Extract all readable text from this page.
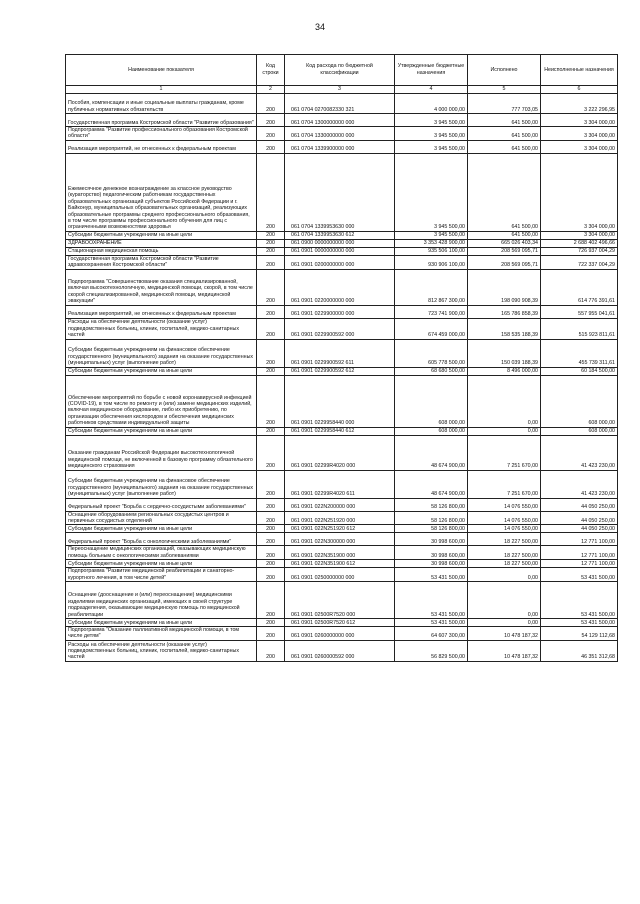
34
Наименование показателя	Код строки	Код расхода по бюджетной классификации	Утвержденные бюджетные назначения	Исполнено	Неисполненные назначения
1	2	3	4	5	6
Пособия, компенсации и иные социальные выплаты гражданам, кроме публичных нормативных обязательств	200	061 0704 0270082330 321	4 000 000,00	777 703,05	3 222 296,95
Государственная программа Костромской области "Развитие образования"	200	061 0704 1300000000 000	3 945 500,00	641 500,00	3 304 000,00
Подпрограмма "Развитие профессионального образования Костромской области"	200	061 0704 1330000000 000	3 945 500,00	641 500,00	3 304 000,00
Реализация мероприятий, не отнесенных к федеральным проектам	200	061 0704 1339900000 000	3 945 500,00	641 500,00	3 304 000,00
Ежемесячное денежное вознаграждение за классное руководство (кураторство) педагогическим работникам государственных образовательных организаций субъектов Российской Федерации и г. Байконур, муниципальных образовательных организаций, реализующих образовательные программы среднего профессионального образования, в том числе программы профессионального обучения для лиц с ограниченными возможностями здоровья	200	061 0704 1339953630 000	3 945 500,00	641 500,00	3 304 000,00
Субсидии бюджетным учреждениям на иные цели	200	061 0704 1339953630 612	3 945 500,00	641 500,00	3 304 000,00
ЗДРАВООХРАНЕНИЕ	200	061 0900 0000000000 000	3 353 428 900,00	665 026 403,34	2 688 402 496,66
Стационарная медицинская помощь	200	061 0901 0000000000 000	935 506 100,00	208 569 095,71	726 937 004,29
Государственная программа Костромской области "Развитие здравоохранения Костромской области"	200	061 0901 0200000000 000	930 906 100,00	208 569 095,71	722 337 004,29
Подпрограмма "Совершенствование оказания специализированной, включая высокотехнологичную, медицинской помощи, скорой, в том числе скорой специализированной, медицинской помощи, медицинской эвакуации"	200	061 0901 0220000000 000	812 867 300,00	198 090 908,39	614 776 391,61
Реализация мероприятий, не отнесенных к федеральным проектам	200	061 0901 0229900000 000	723 741 900,00	165 786 858,39	557 955 041,61
Расходы на обеспечение деятельности (оказание услуг) подведомственных больниц, клиник, госпиталей, медико-санитарных частей	200	061 0901 0229900592 000	674 459 000,00	158 535 188,39	515 923 811,61
Субсидии бюджетным учреждениям на финансовое обеспечение государственного (муниципального) задания на оказание государственных (муниципальных) услуг (выполнение работ)	200	061 0901 0229900592 611	605 778 500,00	150 039 188,39	455 739 311,61
Субсидии бюджетным учреждениям на иные цели	200	061 0901 0229900592 612	68 680 500,00	8 496 000,00	60 184 500,00
Обеспечение мероприятий по борьбе с новой коронавирусной инфекцией (COVID-19), в том числе по ремонту и (или) замене медицинских изделий, включая медицинское оборудование, либо их приобретению, по организации обеспечения кислородом и обеспечения медицинских работников средствами индивидуальной защиты	200	061 0901 0229958440 000	608 000,00	0,00	608 000,00
Субсидии бюджетным учреждениям на иные цели	200	061 0901 0229958440 612	608 000,00	0,00	608 000,00
Оказание гражданам Российской Федерации высокотехнологичной медицинской помощи, не включенной в базовую программу обязательного медицинского страхования	200	061 0901 02299R4020 000	48 674 900,00	7 251 670,00	41 423 230,00
Субсидии бюджетным учреждениям на финансовое обеспечение государственного (муниципального) задания на оказание государственных (муниципальных) услуг (выполнение работ)	200	061 0901 02299R4020 611	48 674 900,00	7 251 670,00	41 423 230,00
Федеральный проект "Борьба с сердечно-сосудистыми заболеваниями"	200	061 0901 022N200000 000	58 126 800,00	14 076 550,00	44 050 250,00
Оснащение оборудованием региональных сосудистых центров и первичных сосудистых отделений	200	061 0901 022N251920 000	58 126 800,00	14 076 550,00	44 050 250,00
Субсидии бюджетным учреждениям на иные цели	200	061 0901 022N251920 612	58 126 800,00	14 076 550,00	44 050 250,00
Федеральный проект "Борьба с онкологическими заболеваниями"	200	061 0901 022N300000 000	30 998 600,00	18 227 500,00	12 771 100,00
Переоснащение медицинских организаций, оказывающих медицинскую помощь больным с онкологическими заболеваниями	200	061 0901 022N351900 000	30 998 600,00	18 227 500,00	12 771 100,00
Субсидии бюджетным учреждениям на иные цели	200	061 0901 022N351900 612	30 998 600,00	18 227 500,00	12 771 100,00
Подпрограмма "Развитие медицинской реабилитации и санаторно-курортного лечения, в том числе детей"	200	061 0901 0250000000 000	53 431 500,00	0,00	53 431 500,00
Оснащение (дооснащение и (или) переоснащение) медицинскими изделиями медицинских организаций, имеющих в своей структуре подразделения, оказывающие медицинскую помощь по медицинской реабилитации	200	061 0901 02500R7520 000	53 431 500,00	0,00	53 431 500,00
Субсидии бюджетным учреждениям на иные цели	200	061 0901 02500R7520 612	53 431 500,00	0,00	53 431 500,00
Подпрограмма "Оказание паллиативной медицинской помощи, в том числе детям"	200	061 0901 0260000000 000	64 607 300,00	10 478 187,32	54 129 112,68
Расходы на обеспечение деятельности (оказание услуг) подведомственных больниц, клиник, госпиталей, медико-санитарных частей	200	061 0901 0260000592 000	56 829 500,00	10 478 187,32	46 351 312,68
